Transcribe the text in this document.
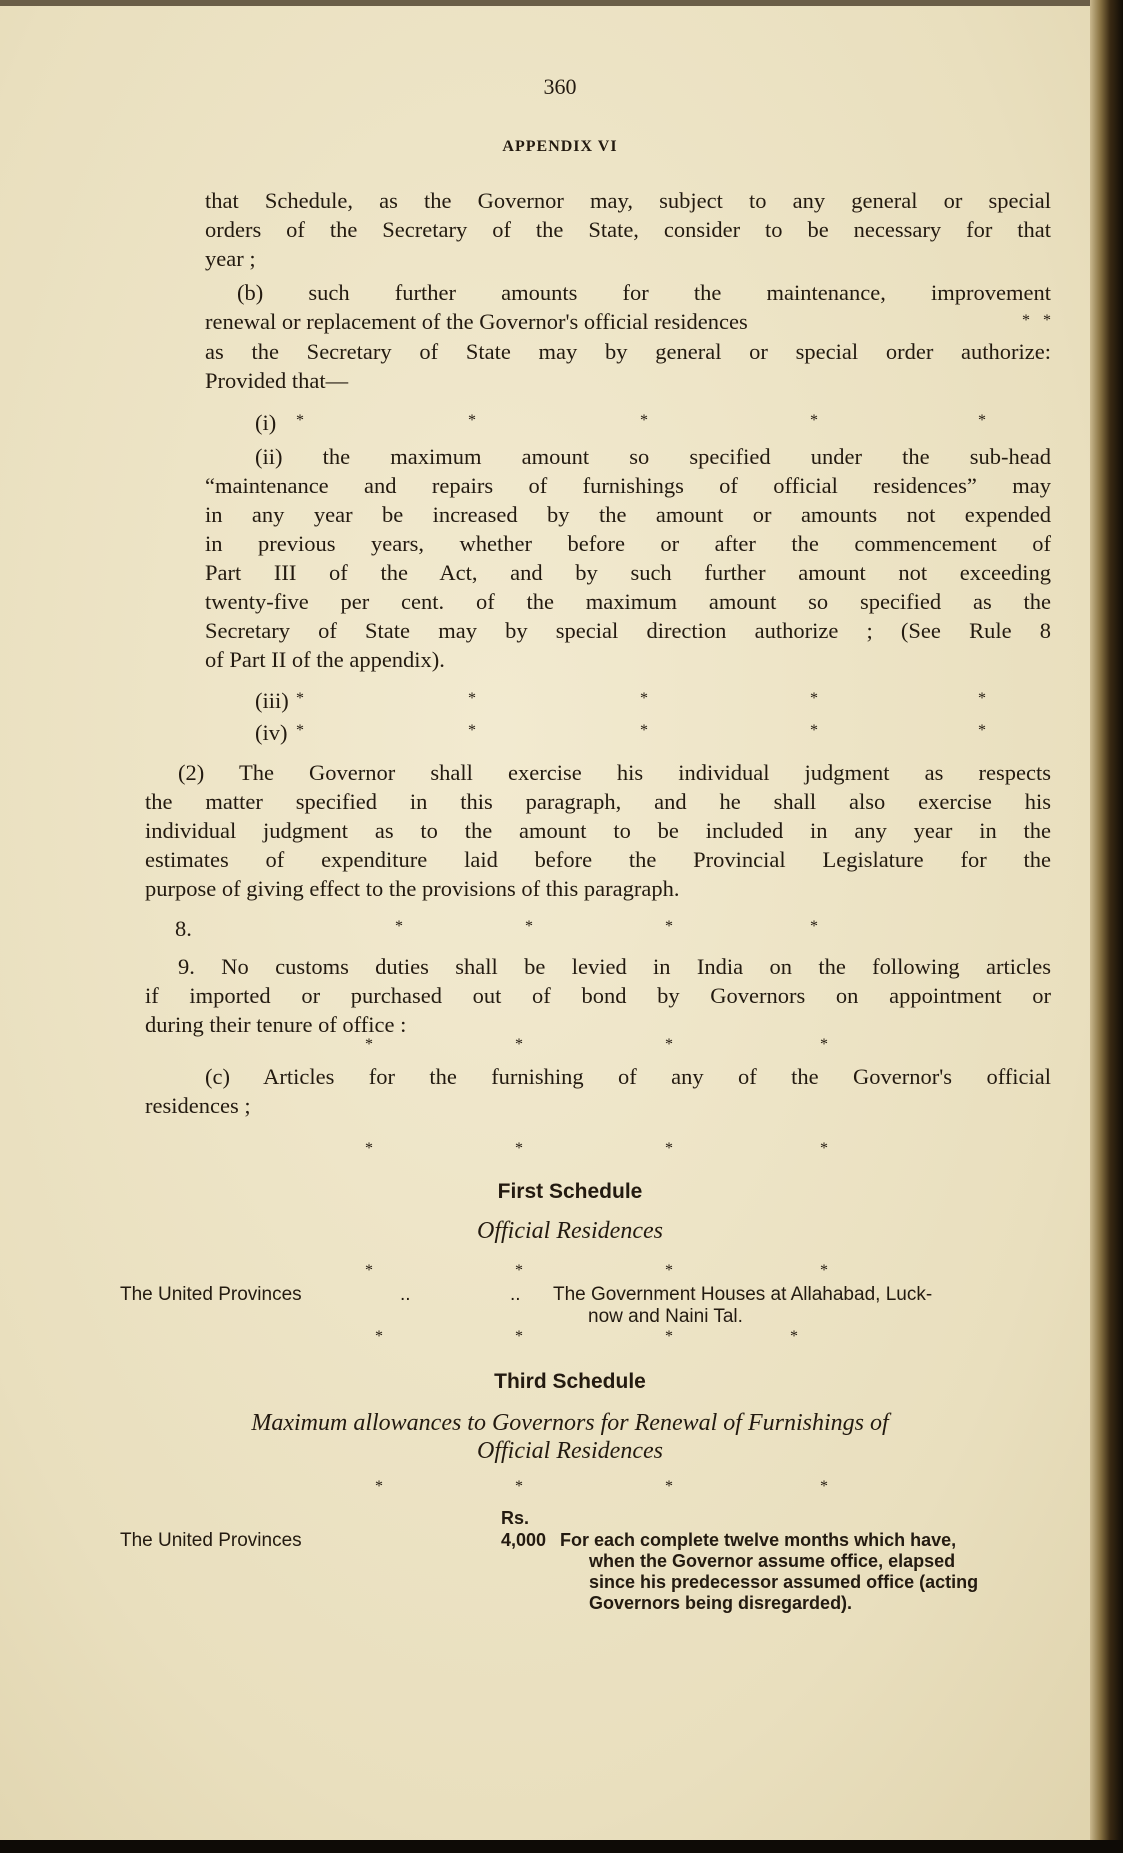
360
APPENDIX VI
that Schedule, as the Governor may, subject to any general or special
orders of the Secretary of the State, consider to be necessary for that
year ;
(b) such further amounts for the maintenance, improvement
renewal or replacement of the Governor's official residences	* *
as the Secretary of State may by general or special order authorize:
Provided that—
(i) *	*	*	*	*
(ii) the maximum amount so specified under the sub-head
“maintenance and repairs of furnishings of official residences” may
in any year be increased by the amount or amounts not expended
in previous years, whether before or after the commencement of
Part III of the Act, and by such further amount not exceeding
twenty-five per cent. of the maximum amount so specified as the
Secretary of State may by special direction authorize ; (See Rule 8
of Part II of the appendix).
(iii) *	*	*	*	*
(iv) *	*	*	*	*
(2) The Governor shall exercise his individual judgment as respects
the matter specified in this paragraph, and he shall also exercise his
individual judgment as to the amount to be included in any year in the
estimates of expenditure laid before the Provincial Legislature for the
purpose of giving effect to the provisions of this paragraph.
8.	*	*	*	*
9. No customs duties shall be levied in India on the following articles
if imported or purchased out of bond by Governors on appointment or
during their tenure of office :
*	*	*	*
(c) Articles for the furnishing of any of the Governor's official
residences ;
*	*	*	*
First Schedule
Official Residences
*	*	*	*
The United Provinces	..	.. The Government Houses at Allahabad, Luck-
now and Naini Tal.
*	*	*	*
Third Schedule
Maximum allowances to Governors for Renewal of Furnishings of
Official Residences
*	*	*	*
Rs.
The United Provinces	4,000 For each complete twelve months which have,
when the Governor assume office, elapsed
since his predecessor assumed office (acting
Governors being disregarded).
